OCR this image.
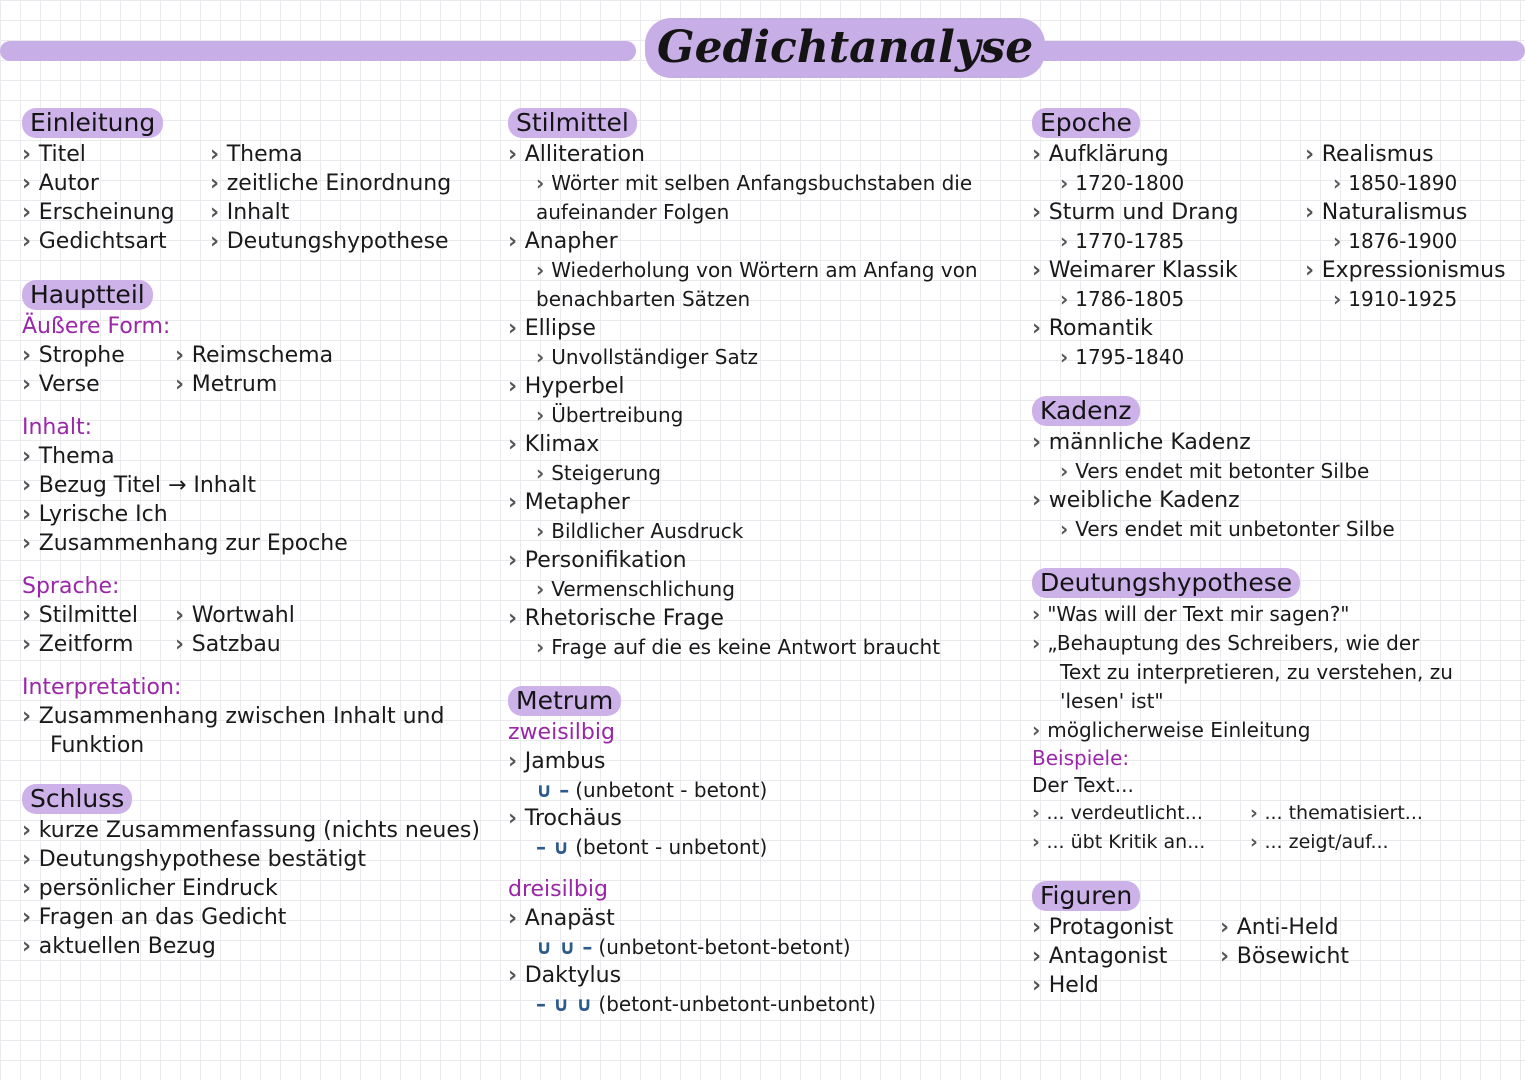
Gedichtanalyse
Einleitung
› Titel
› Autor
› Erscheinung
› Gedichtsart
› Thema
› zeitliche Einordnung
› Inhalt
› Deutungshypothese
Hauptteil
Äußere Form:
› Strophe
› Verse
› Reimschema
› Metrum
Inhalt:
› Thema
› Bezug Titel → Inhalt
› Lyrische Ich
› Zusammenhang zur Epoche
Sprache:
› Stilmittel
› Zeitform
› Wortwahl
› Satzbau
Interpretation:
› Zusammenhang zwischen Inhalt und
Funktion
Schluss
› kurze Zusammenfassung (nichts neues)
› Deutungshypothese bestätigt
› persönlicher Eindruck
› Fragen an das Gedicht
› aktuellen Bezug
Stilmittel
› Alliteration
› Wörter mit selben Anfangsbuchstaben die
aufeinander Folgen
› Anapher
› Wiederholung von Wörtern am Anfang von
benachbarten Sätzen
› Ellipse
› Unvollständiger Satz
› Hyperbel
› Übertreibung
› Klimax
› Steigerung
› Metapher
› Bildlicher Ausdruck
› Personifikation
› Vermenschlichung
› Rhetorische Frage
› Frage auf die es keine Antwort braucht
Metrum
zweisilbig
› Jambus
∪ – (unbetont - betont)
› Trochäus
– ∪ (betont - unbetont)
dreisilbig
› Anapäst
∪ ∪ – (unbetont-betont-betont)
› Daktylus
– ∪ ∪ (betont-unbetont-unbetont)
Epoche
› Aufklärung
› 1720-1800
› Sturm und Drang
› 1770-1785
› Weimarer Klassik
› 1786-1805
› Romantik
› 1795-1840
› Realismus
› 1850-1890
› Naturalismus
› 1876-1900
› Expressionismus
› 1910-1925
Kadenz
› männliche Kadenz
› Vers endet mit betonter Silbe
› weibliche Kadenz
› Vers endet mit unbetonter Silbe
Deutungshypothese
› "Was will der Text mir sagen?"
› „Behauptung des Schreibers, wie der
Text zu interpretieren, zu verstehen, zu
'lesen' ist"
› möglicherweise Einleitung
Beispiele:
Der Text...
› ... verdeutlicht...
› ... übt Kritik an...
› ... thematisiert...
› ... zeigt/auf...
Figuren
› Protagonist
› Antagonist
› Held
› Anti-Held
› Bösewicht
